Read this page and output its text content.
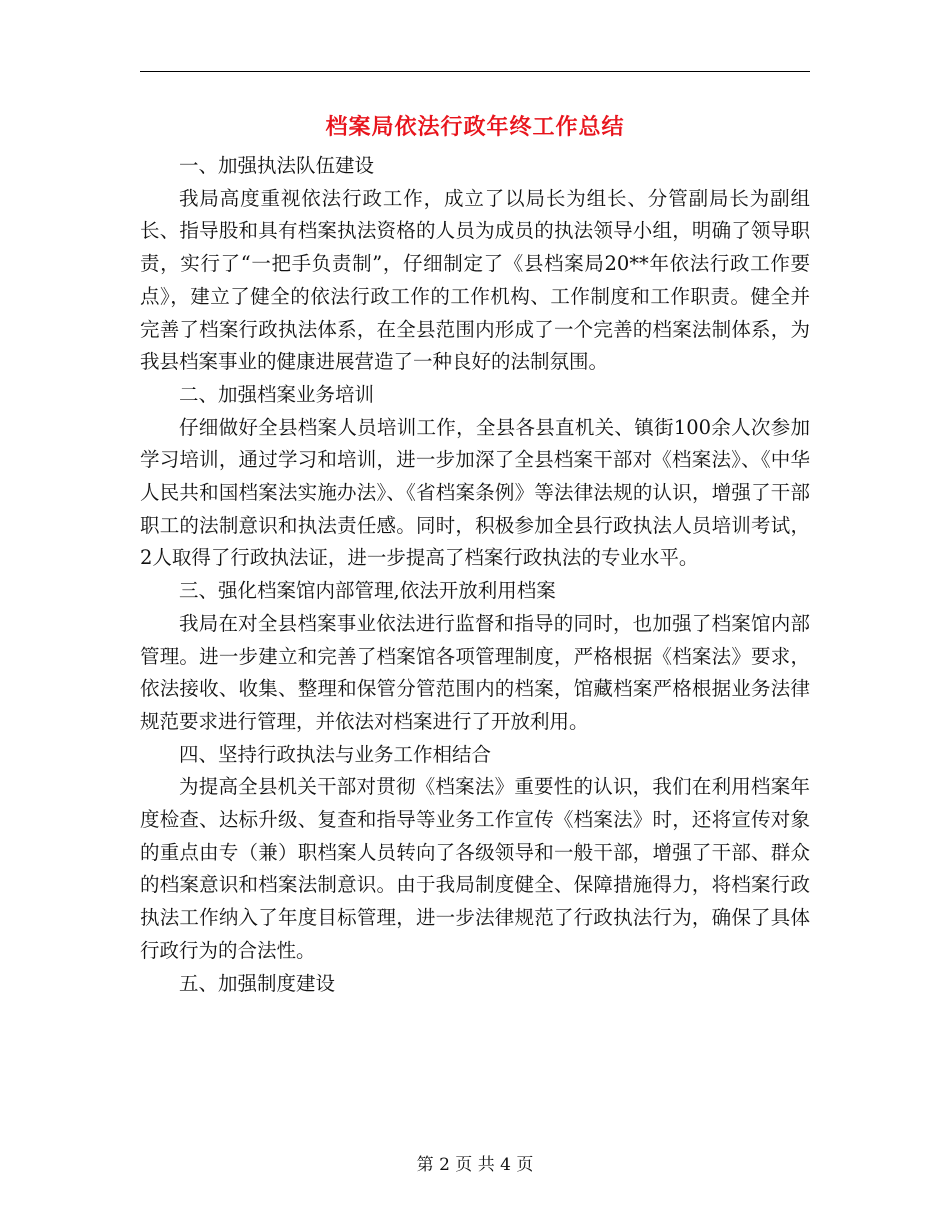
档案局依法行政年终工作总结

一、加强执法队伍建设

我局高度重视依法行政工作，成立了以局长为组长、分管副局长为副组长、指导股和具有档案执法资格的人员为成员的执法领导小组，明确了领导职责，实行了“一把手负责制”，仔细制定了《县档案局20**年依法行政工作要点》，建立了健全的依法行政工作的工作机构、工作制度和工作职责。健全并完善了档案行政执法体系，在全县范围内形成了一个完善的档案法制体系，为我县档案事业的健康进展营造了一种良好的法制氛围。

二、加强档案业务培训

仔细做好全县档案人员培训工作，全县各县直机关、镇街100余人次参加学习培训，通过学习和培训，进一步加深了全县档案干部对《档案法》、《中华人民共和国档案法实施办法》、《省档案条例》等法律法规的认识，增强了干部职工的法制意识和执法责任感。同时，积极参加全县行政执法人员培训考试，2人取得了行政执法证，进一步提高了档案行政执法的专业水平。

三、强化档案馆内部管理,依法开放利用档案

我局在对全县档案事业依法进行监督和指导的同时，也加强了档案馆内部管理。进一步建立和完善了档案馆各项管理制度，严格根据《档案法》要求，依法接收、收集、整理和保管分管范围内的档案，馆藏档案严格根据业务法律规范要求进行管理，并依法对档案进行了开放利用。

四、坚持行政执法与业务工作相结合

为提高全县机关干部对贯彻《档案法》重要性的认识，我们在利用档案年度检查、达标升级、复查和指导等业务工作宣传《档案法》时，还将宣传对象的重点由专（兼）职档案人员转向了各级领导和一般干部，增强了干部、群众的档案意识和档案法制意识。由于我局制度健全、保障措施得力，将档案行政执法工作纳入了年度目标管理，进一步法律规范了行政执法行为，确保了具体行政行为的合法性。

五、加强制度建设

第 2 页 共 4 页
